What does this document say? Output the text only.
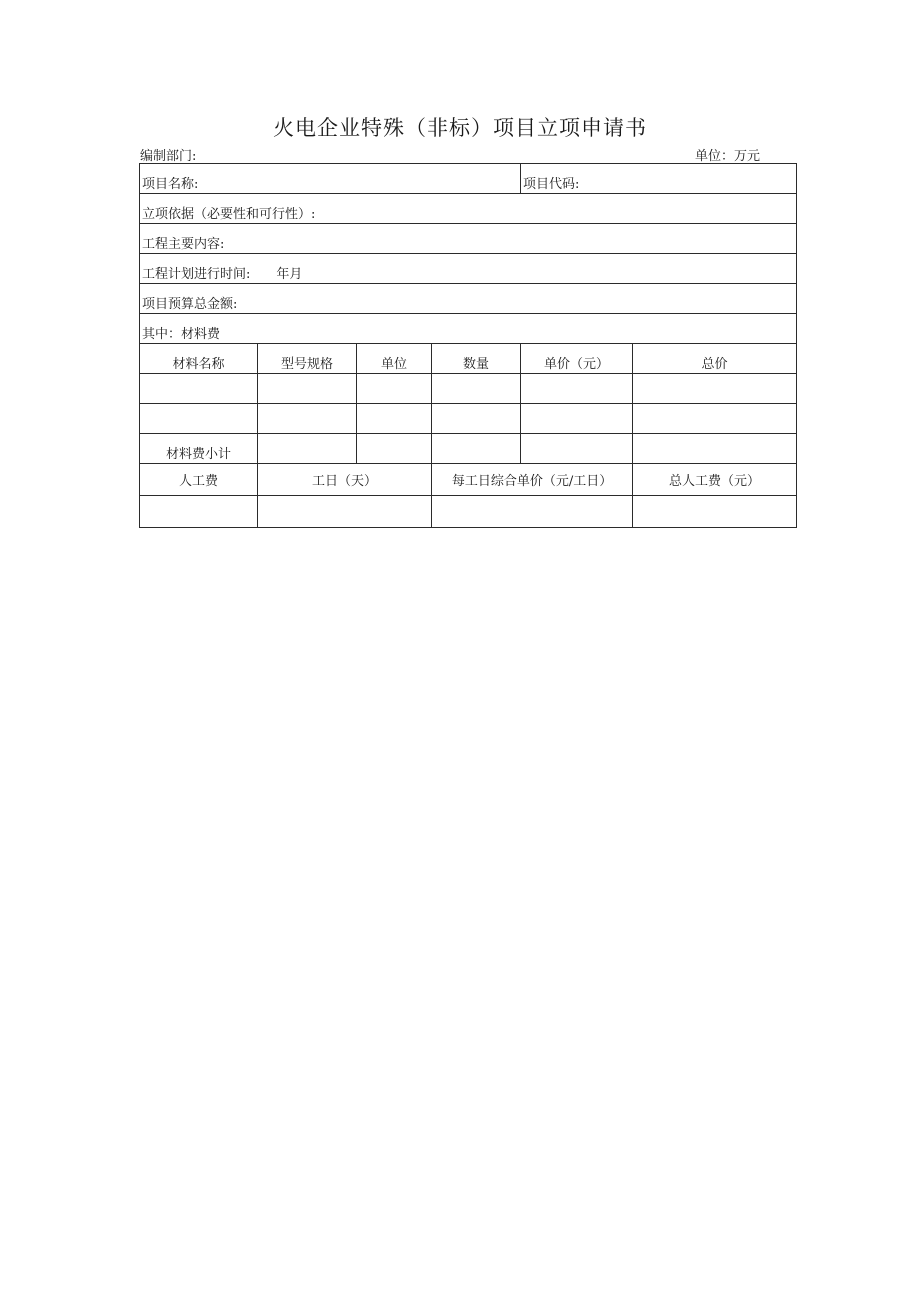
火电企业特殊（非标）项目立项申请书
编制部门:	单位：万元
项目名称:				项目代码:	
立项依据（必要性和可行性）:					
工程主要内容:					
工程计划进行时间: 年月					
项目预算总金额:					
其中：材料费					
材料名称	型号规格	单位	数量	单价（元）	总价

材料费小计					
人工费	工日（天）		每工日综合单价（元/工日）		总人工费（元）
